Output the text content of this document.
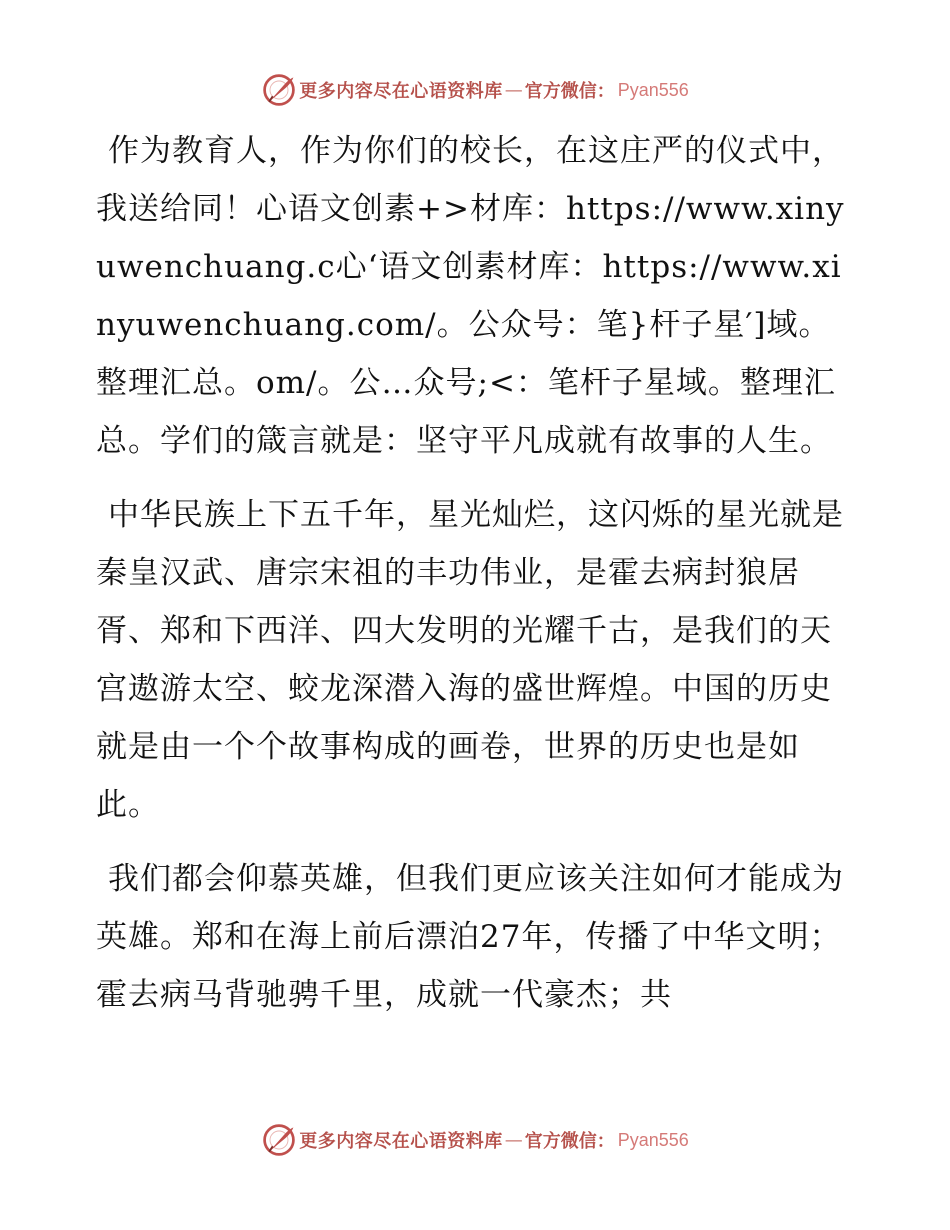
更多内容尽在心语资料库 — 官方微信： Pyan556

作为教育人，作为你们的校长，在这庄严的仪式中，我送给同！心语文创素+>材库：https://www.xinyuwenchuang.c心‘语文创素材库：https://www.xinyuwenchuang.com/。公众号：笔}杆子星′]域。整理汇总。om/。公…众号;<：笔杆子星域。整理汇总。学们的箴言就是：坚守平凡成就有故事的人生。

中华民族上下五千年，星光灿烂，这闪烁的星光就是秦皇汉武、唐宗宋祖的丰功伟业，是霍去病封狼居胥、郑和下西洋、四大发明的光耀千古，是我们的天宫遨游太空、蛟龙深潜入海的盛世辉煌。中国的历史就是由一个个故事构成的画卷，世界的历史也是如此。

我们都会仰慕英雄，但我们更应该关注如何才能成为英雄。郑和在海上前后漂泊27年，传播了中华文明；霍去病马背驰骋千里，成就一代豪杰；共

更多内容尽在心语资料库 — 官方微信： Pyan556
